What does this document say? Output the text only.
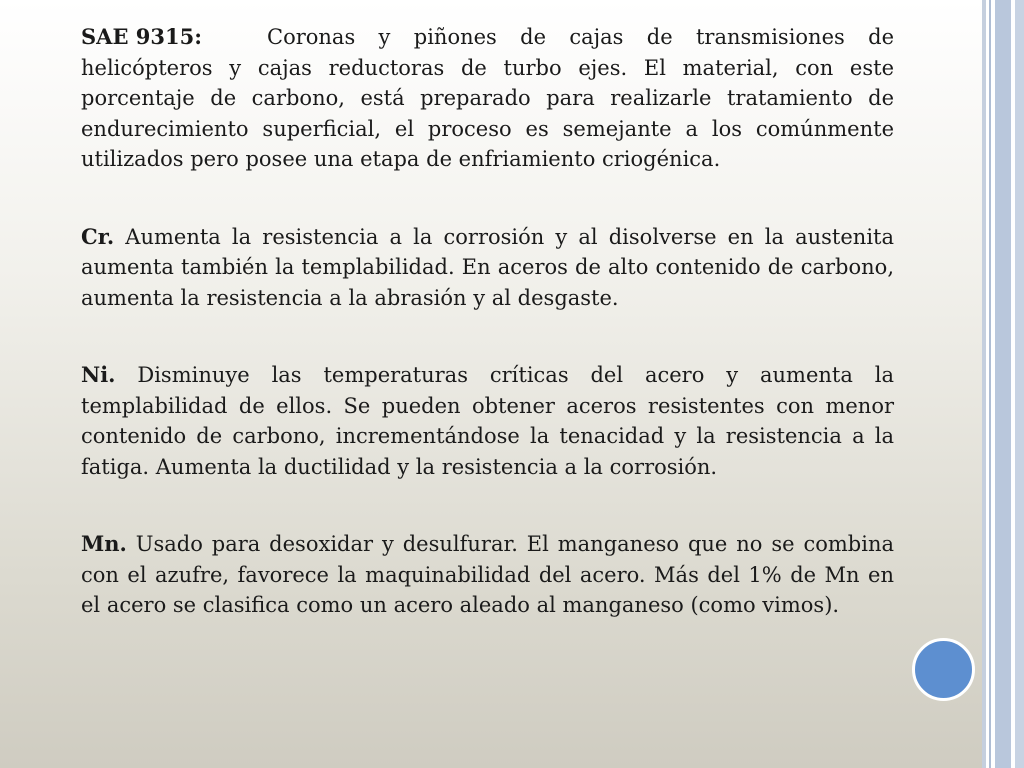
SAE 9315:	Coronas y piñones de cajas de transmisiones de helicópteros y cajas reductoras de turbo ejes. El material, con este porcentaje de carbono, está preparado para realizarle tratamiento de endurecimiento superficial, el proceso es semejante a los comúnmente utilizados pero posee una etapa de enfriamiento criogénica.

Cr. Aumenta la resistencia a la corrosión y al disolverse en la austenita aumenta también la templabilidad. En aceros de alto contenido de carbono, aumenta la resistencia a la abrasión y al desgaste.

Ni. Disminuye las temperaturas críticas del acero y aumenta la templabilidad de ellos. Se pueden obtener aceros resistentes con menor contenido de carbono, incrementándose la tenacidad y la resistencia a la fatiga. Aumenta la ductilidad y la resistencia a la corrosión.

Mn. Usado para desoxidar y desulfurar. El manganeso que no se combina con el azufre, favorece la maquinabilidad del acero. Más del 1% de Mn en el acero se clasifica como un acero aleado al manganeso (como vimos).
